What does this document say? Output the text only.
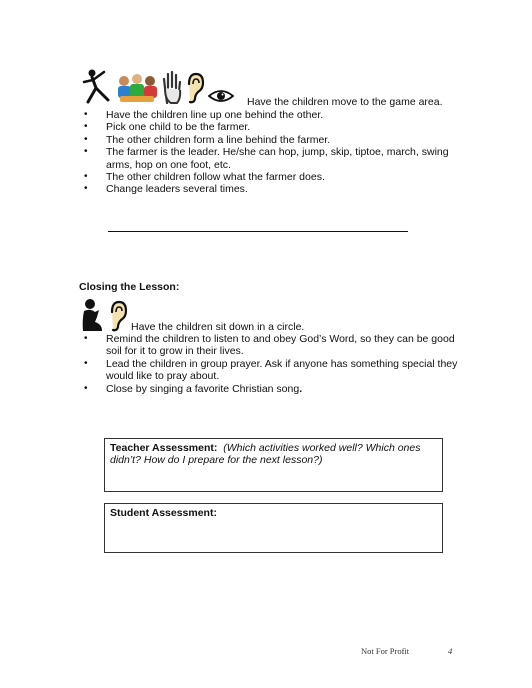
Have the children move to the game area.
• Have the children line up one behind the other.
• Pick one child to be the farmer.
• The other children form a line behind the farmer.
• The farmer is the leader. He/she can hop, jump, skip, tiptoe, march, swing arms, hop on one foot, etc.
• The other children follow what the farmer does.
• Change leaders several times.
Closing the Lesson:
Have the children sit down in a circle.
• Remind the children to listen to and obey God’s Word, so they can be good soil for it to grow in their lives.
• Lead the children in group prayer. Ask if anyone has something special they would like to pray about.
• Close by singing a favorite Christian song.
Teacher Assessment: (Which activities worked well? Which ones didn’t? How do I prepare for the next lesson?)
Student Assessment:
Not For Profit	4
